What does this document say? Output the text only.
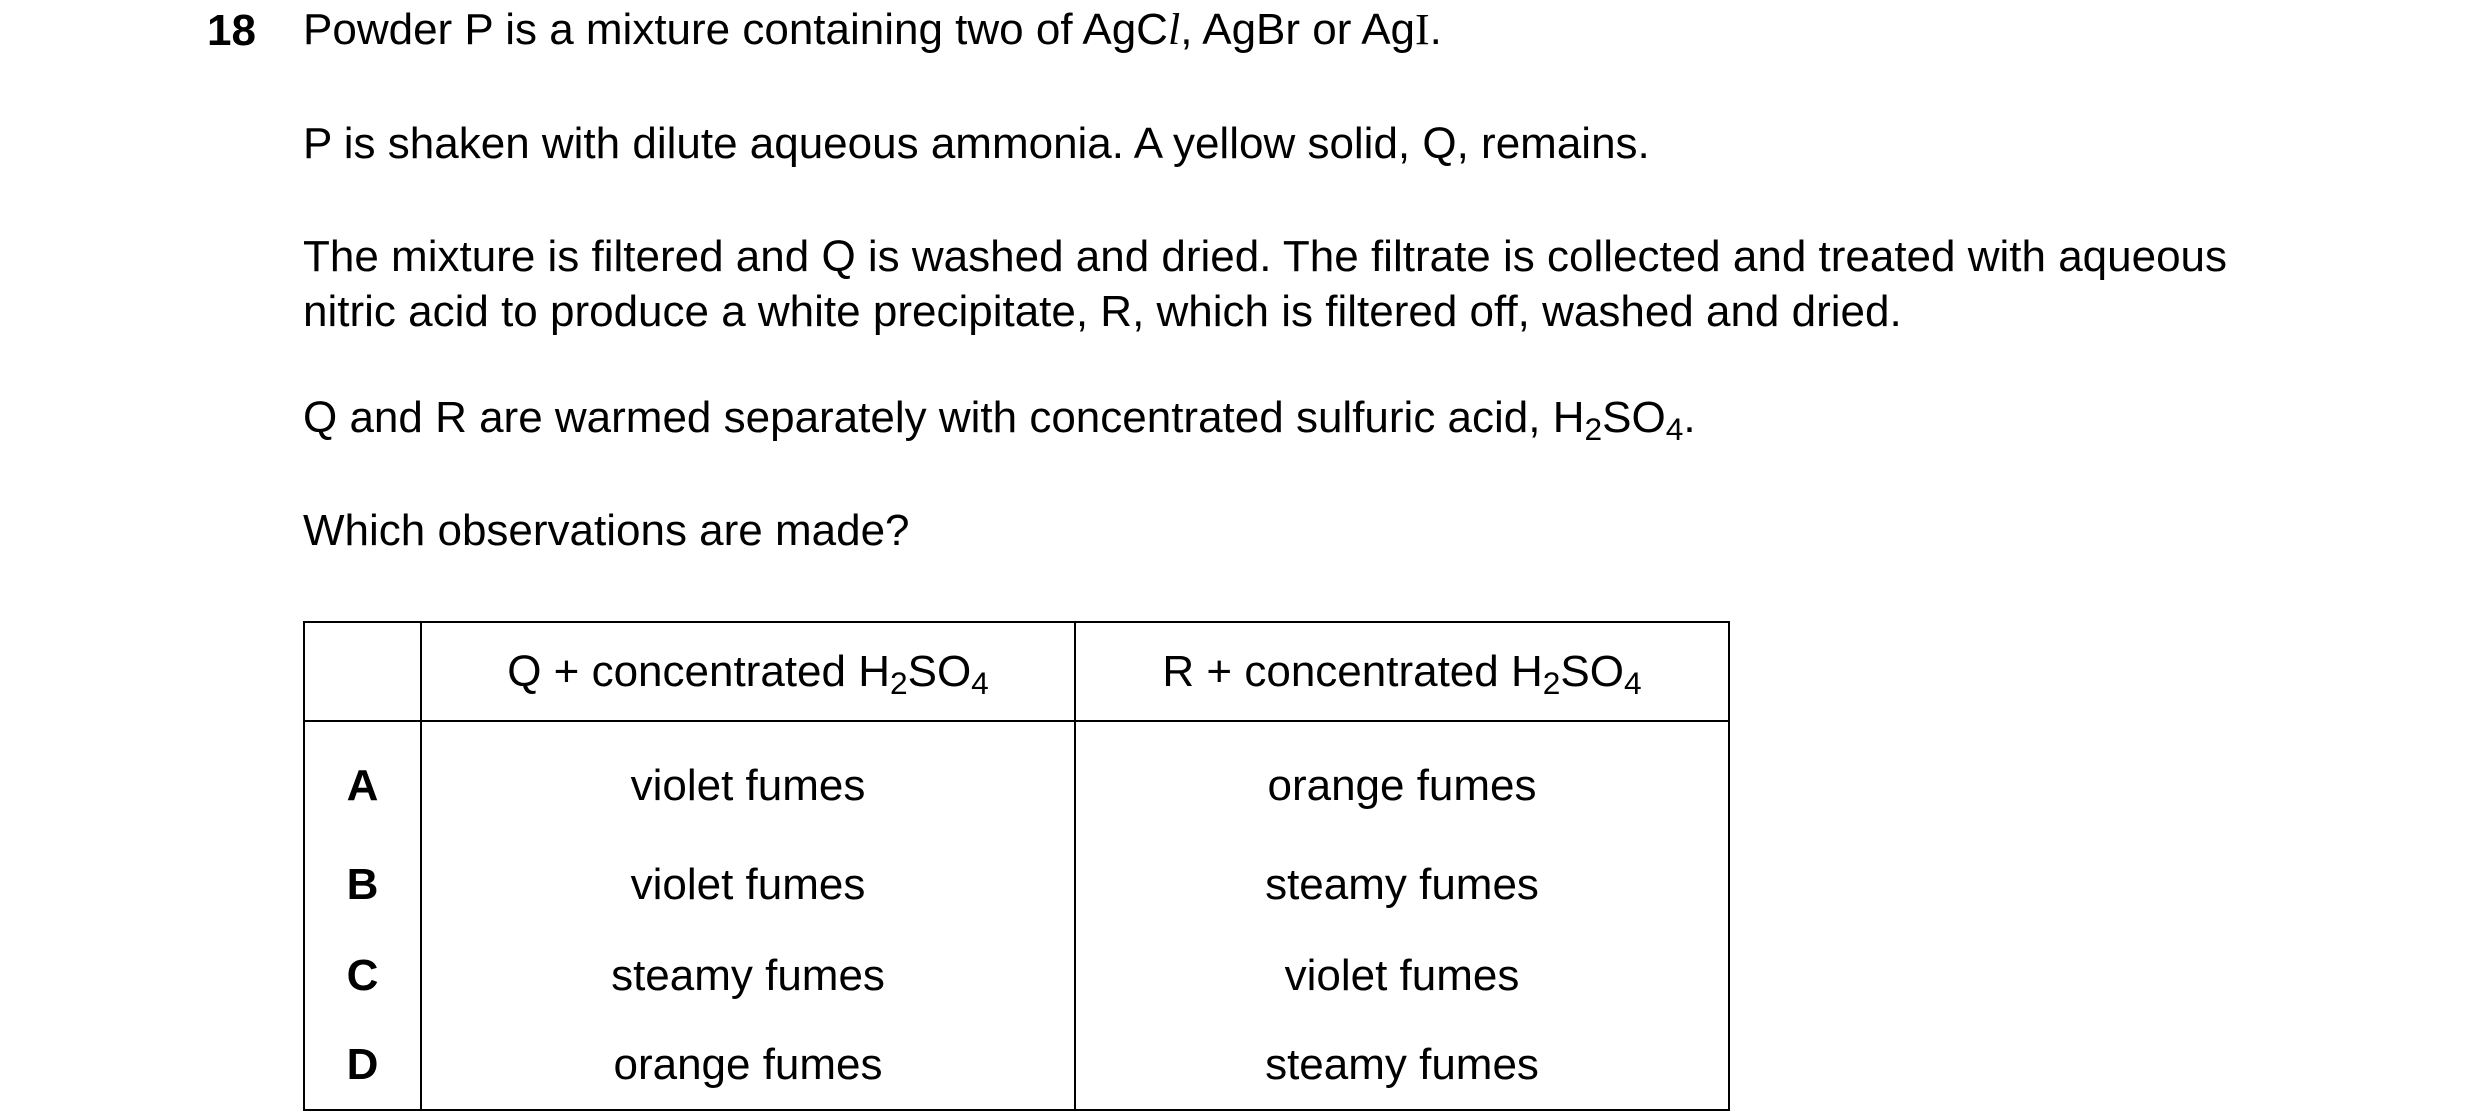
18 Powder P is a mixture containing two of AgCl, AgBr or AgI.
P is shaken with dilute aqueous ammonia. A yellow solid, Q, remains.
The mixture is filtered and Q is washed and dried. The filtrate is collected and treated with aqueous
nitric acid to produce a white precipitate, R, which is filtered off, washed and dried.
Q and R are warmed separately with concentrated sulfuric acid, $H_2SO_4$.
Which observations are made?
	Q + concentrated $H_2SO_4$	R + concentrated $H_2SO_4$
A	violet fumes	orange fumes
B	violet fumes	steamy fumes
C	steamy fumes	violet fumes
D	orange fumes	steamy fumes
